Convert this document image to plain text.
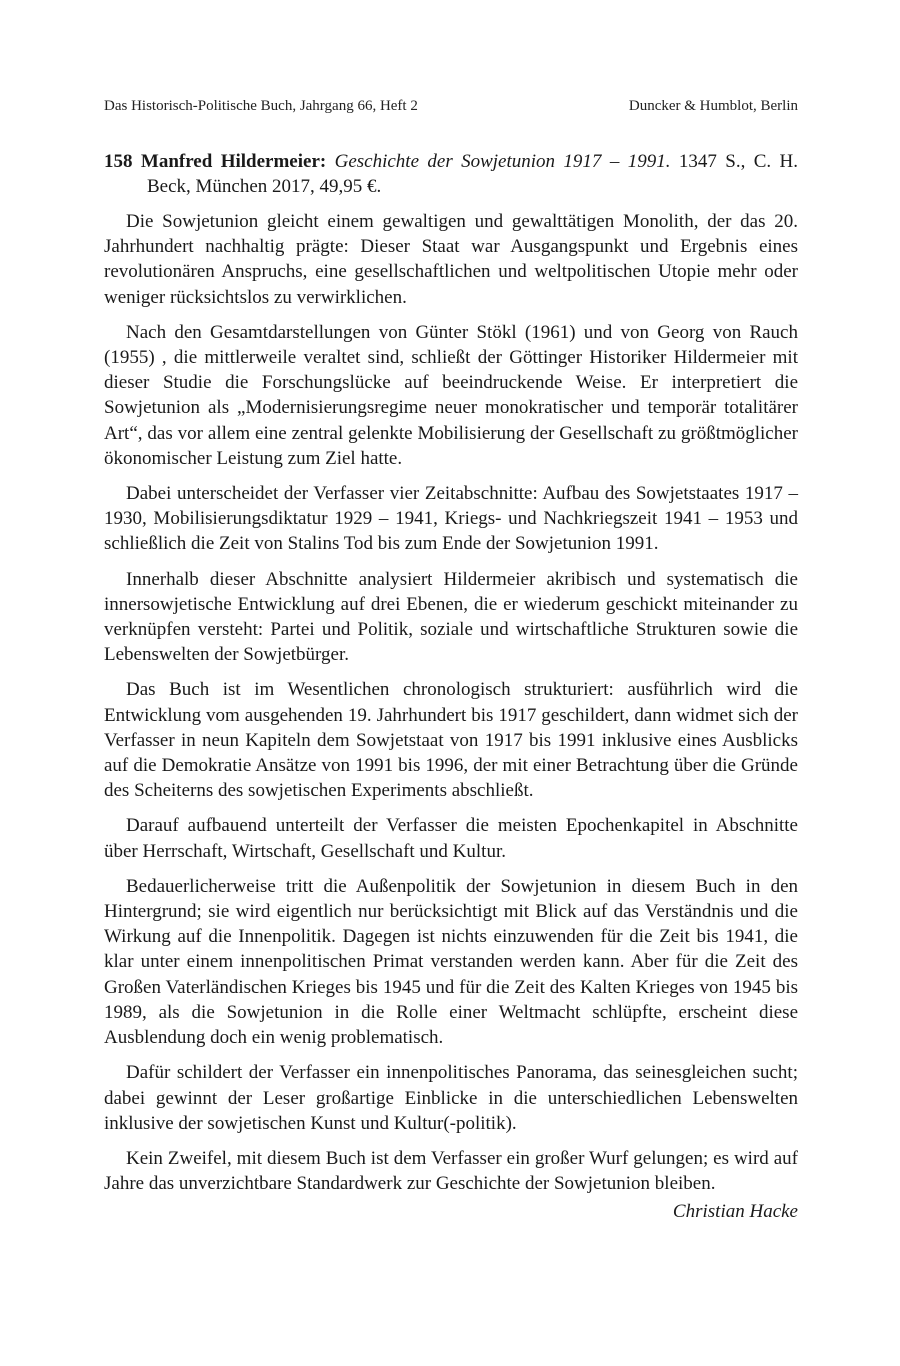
Das Historisch-Politische Buch, Jahrgang 66, Heft 2	Duncker & Humblot, Berlin
158 Manfred Hildermeier: Geschichte der Sowjetunion 1917 – 1991. 1347 S., C. H. Beck, München 2017, 49,95 €.

Die Sowjetunion gleicht einem gewaltigen und gewalttätigen Monolith, der das 20. Jahrhundert nachhaltig prägte: Dieser Staat war Ausgangspunkt und Ergebnis eines revolutionären Anspruchs, eine gesellschaftlichen und weltpolitischen Utopie mehr oder weniger rücksichtslos zu verwirklichen.

Nach den Gesamtdarstellungen von Günter Stökl (1961) und von Georg von Rauch (1955) , die mittlerweile veraltet sind, schließt der Göttinger Historiker Hildermeier mit dieser Studie die Forschungslücke auf beeindruckende Weise. Er interpretiert die Sowjetunion als „Modernisierungsregime neuer monokratischer und temporär totalitärer Art“, das vor allem eine zentral gelenkte Mobilisierung der Gesellschaft zu größtmöglicher ökonomischer Leistung zum Ziel hatte.

Dabei unterscheidet der Verfasser vier Zeitabschnitte: Aufbau des Sowjetstaates 1917 – 1930, Mobilisierungsdiktatur 1929 – 1941, Kriegs- und Nachkriegszeit 1941 – 1953 und schließlich die Zeit von Stalins Tod bis zum Ende der Sowjetunion 1991.

Innerhalb dieser Abschnitte analysiert Hildermeier akribisch und systematisch die innersowjetische Entwicklung auf drei Ebenen, die er wiederum geschickt miteinander zu verknüpfen versteht: Partei und Politik, soziale und wirtschaftliche Strukturen sowie die Lebenswelten der Sowjetbürger.

Das Buch ist im Wesentlichen chronologisch strukturiert: ausführlich wird die Entwicklung vom ausgehenden 19. Jahrhundert bis 1917 geschildert, dann widmet sich der Verfasser in neun Kapiteln dem Sowjetstaat von 1917 bis 1991 inklusive eines Ausblicks auf die Demokratie Ansätze von 1991 bis 1996, der mit einer Betrachtung über die Gründe des Scheiterns des sowjetischen Experiments abschließt.

Darauf aufbauend unterteilt der Verfasser die meisten Epochenkapitel in Abschnitte über Herrschaft, Wirtschaft, Gesellschaft und Kultur.

Bedauerlicherweise tritt die Außenpolitik der Sowjetunion in diesem Buch in den Hintergrund; sie wird eigentlich nur berücksichtigt mit Blick auf das Verständnis und die Wirkung auf die Innenpolitik. Dagegen ist nichts einzuwenden für die Zeit bis 1941, die klar unter einem innenpolitischen Primat verstanden werden kann. Aber für die Zeit des Großen Vaterländischen Krieges bis 1945 und für die Zeit des Kalten Krieges von 1945 bis 1989, als die Sowjetunion in die Rolle einer Weltmacht schlüpfte, erscheint diese Ausblendung doch ein wenig problematisch.

Dafür schildert der Verfasser ein innenpolitisches Panorama, das seinesgleichen sucht; dabei gewinnt der Leser großartige Einblicke in die unterschiedlichen Lebenswelten inklusive der sowjetischen Kunst und Kultur(-politik).

Kein Zweifel, mit diesem Buch ist dem Verfasser ein großer Wurf gelungen; es wird auf Jahre das unverzichtbare Standardwerk zur Geschichte der Sowjetunion bleiben.

Christian Hacke
